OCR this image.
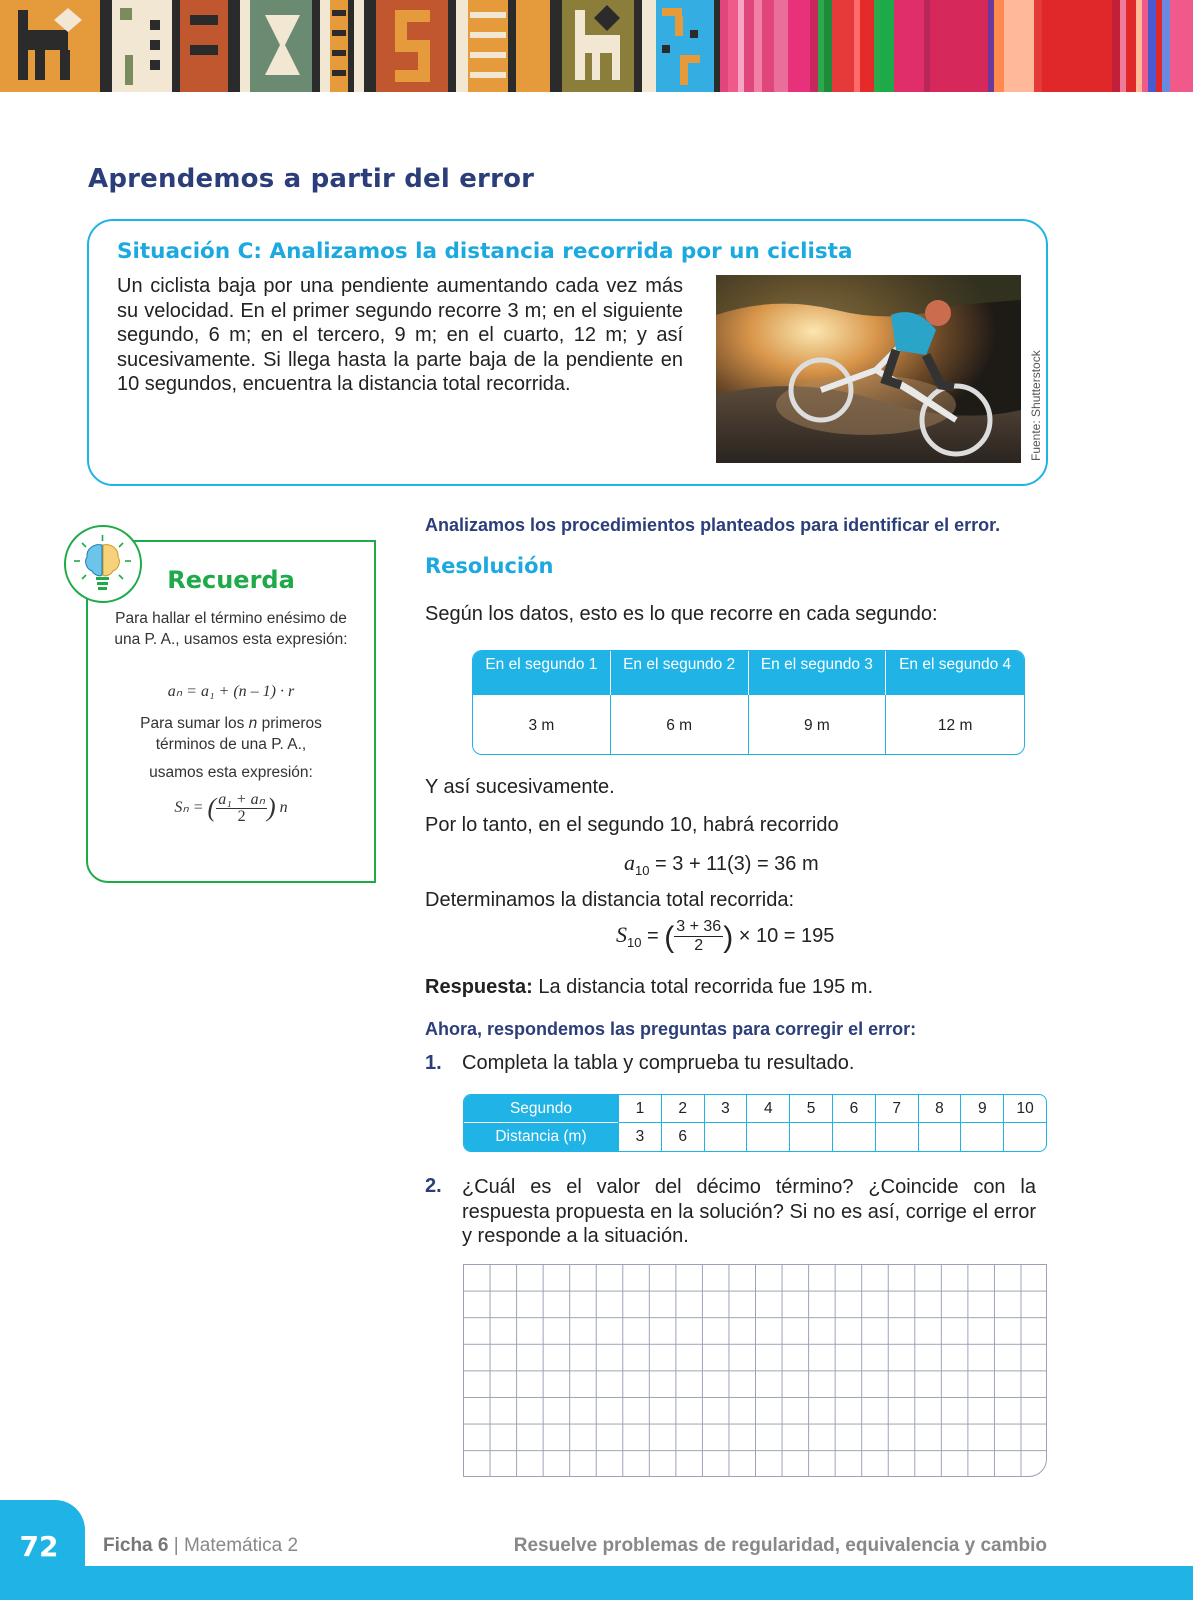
Aprendemos a partir del error
Situación C: Analizamos la distancia recorrida por un ciclista

Un ciclista baja por una pendiente aumentando cada vez más su velocidad. En el primer segundo recorre 3 m; en el siguiente segundo, 6 m; en el tercero, 9 m; en el cuarto, 12 m; y así sucesivamente. Si llega hasta la parte baja de la pendiente en 10 segundos, encuentra la distancia total recorrida.	Fuente: Shutterstock
Recuerda

Para hallar el término enésimo de una P. A., usamos esta expresión:

aₙ = a₁ + (n – 1) · r

Para sumar los n primeros términos de una P. A.,

usamos esta expresión:

Sₙ = ( $\frac{\text{a₁ + aₙ}}{2}$ ) n
Analizamos los procedimientos planteados para identificar el error.
Resolución

Según los datos, esto es lo que recorre en cada segundo:

En el segundo 1	En el segundo 2	En el segundo 3	En el segundo 4
3 m	6 m	9 m	12 m

Y así sucesivamente.

Por lo tanto, en el segundo 10, habrá recorrido

$a_{10} = 3 + 11(3) = 36$ m

Determinamos la distancia total recorrida:

$S_{10}$ = ( $\frac{3 + 36}{2}$ ) × 10 = 195

Respuesta: La distancia total recorrida fue 195 m.

Ahora, respondemos las preguntas para corregir el error:
1. Completa la tabla y comprueba tu resultado.

Segundo	1	2	3	4	5	6	7	8	9	10
Distancia (m)	3	6
2. ¿Cuál es el valor del décimo término? ¿Coincide con la respuesta propuesta en la solución? Si no es así, corrige el error y responde a la situación.

72	Ficha 6 | Matemática 2	Resuelve problemas de regularidad, equivalencia y cambio
